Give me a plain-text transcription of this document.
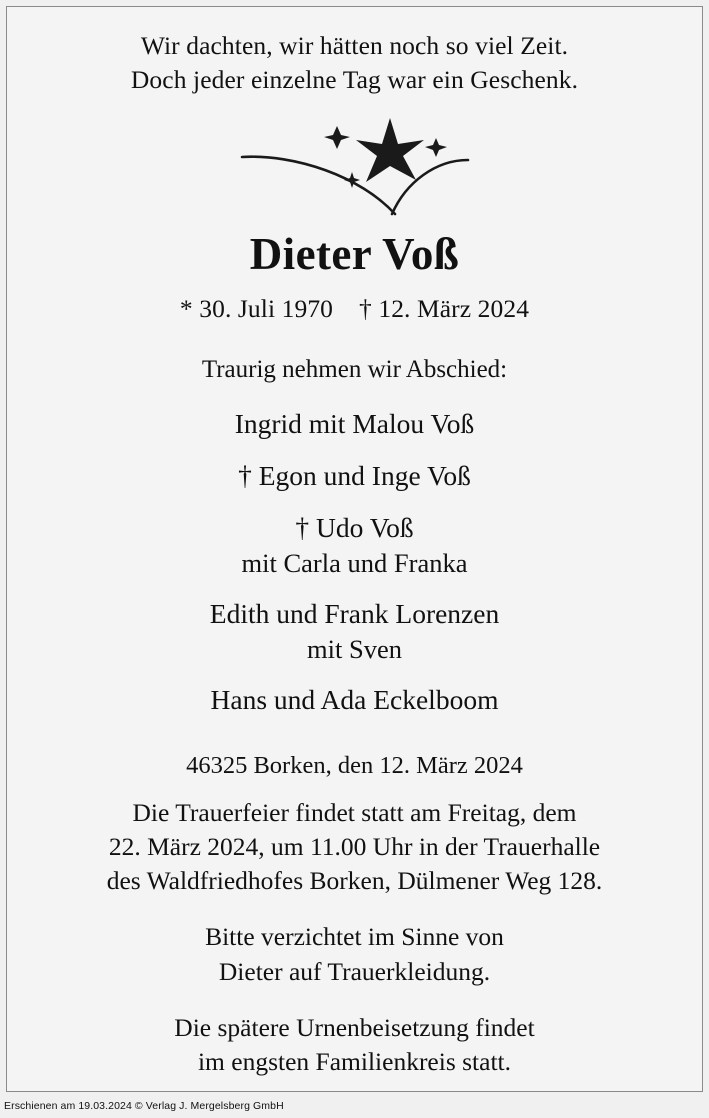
Wir dachten, wir hätten noch so viel Zeit.
Doch jeder einzelne Tag war ein Geschenk.
Dieter Voß
* 30. Juli 1970 † 12. März 2024
Traurig nehmen wir Abschied:
Ingrid mit Malou Voß
† Egon und Inge Voß
† Udo Voß
mit Carla und Franka
Edith und Frank Lorenzen
mit Sven
Hans und Ada Eckelboom
46325 Borken, den 12. März 2024
Die Trauerfeier findet statt am Freitag, dem
22. März 2024, um 11.00 Uhr in der Trauerhalle
des Waldfriedhofes Borken, Dülmener Weg 128.
Bitte verzichtet im Sinne von
Dieter auf Trauerkleidung.
Die spätere Urnenbeisetzung findet
im engsten Familienkreis statt.
Erschienen am 19.03.2024 © Verlag J. Mergelsberg GmbH
